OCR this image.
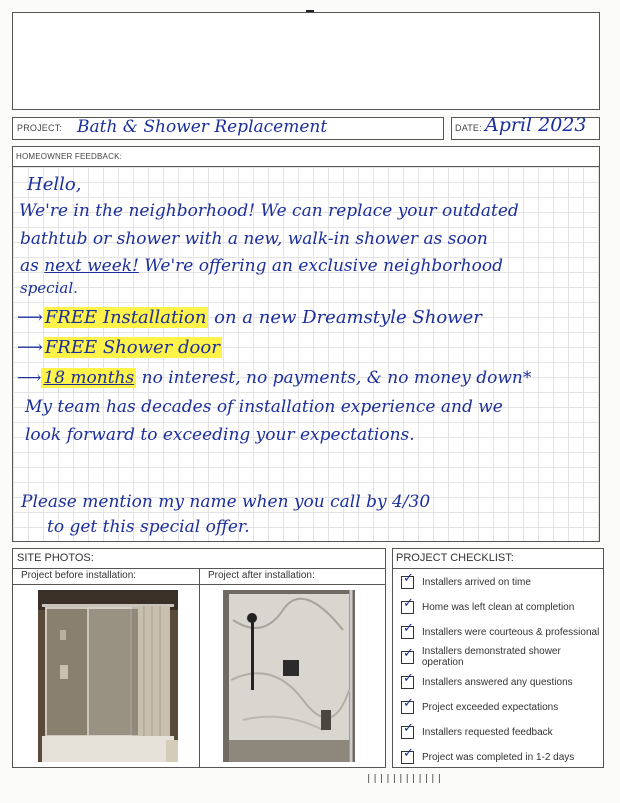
PROJECT: Bath & Shower Replacement	DATE: April 2023
HOMEOWNER FEEDBACK:
Hello,
We're in the neighborhood! We can replace your outdated
bathtub or shower with a new, walk-in shower as soon
as next week! We're offering an exclusive neighborhood
special.
⟶ FREE Installation on a new Dreamstyle Shower
⟶ FREE Shower door
⟶ 18 months no interest, no payments, & no money down*
My team has decades of installation experience and we
look forward to exceeding your expectations.
Please mention my name when you call by 4/30
to get this special offer.
SITE PHOTOS:
Project before installation:	Project after installation:
PROJECT CHECKLIST:
✓ Installers arrived on time
✓ Home was left clean at completion
✓ Installers were courteous & professional
✓ Installers demonstrated shower operation
✓ Installers answered any questions
✓ Project exceeded expectations
✓ Installers requested feedback
✓ Project was completed in 1-2 days
||||||||||||
